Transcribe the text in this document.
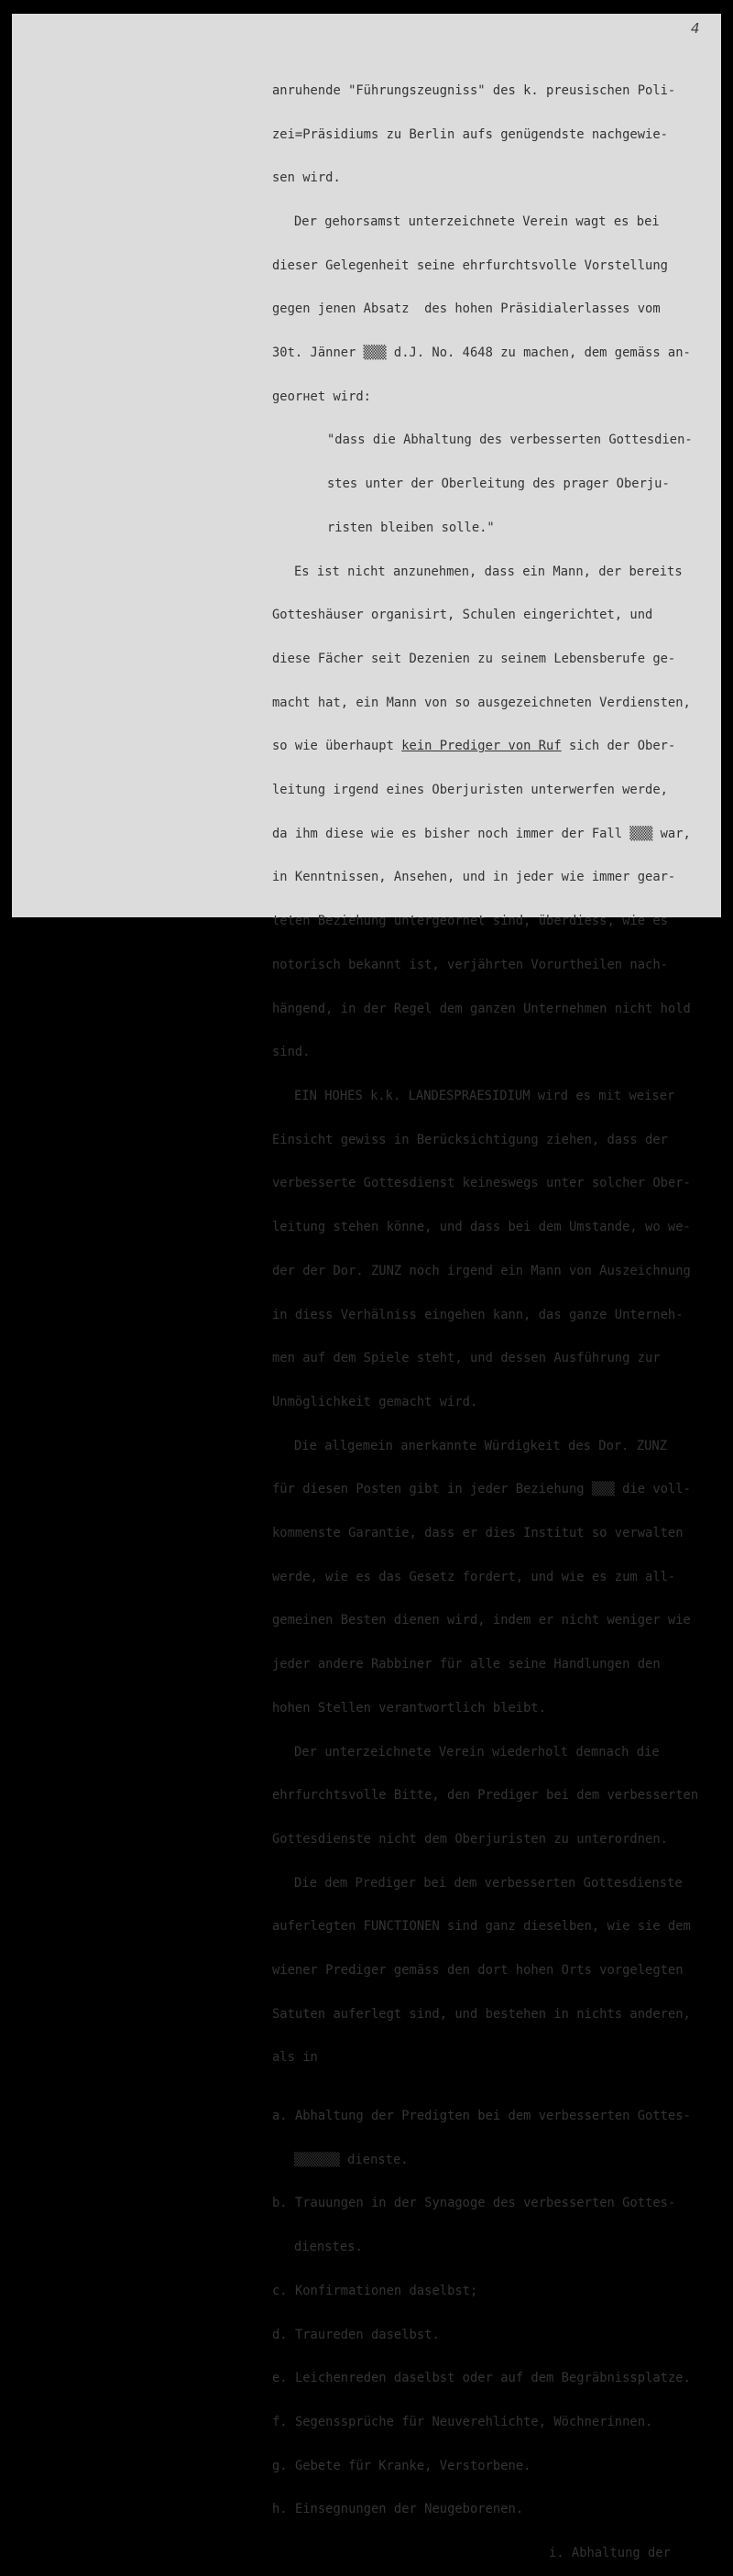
4

anruhende "Führungszeugniss" des k. preusischen Poli-

zei=Präsidiums zu Berlin aufs genügendste nachgewie-

sen wird.

Der gehorsamst unterzeichnete Verein wagt es bei

dieser Gelegenheit seine ehrfurchtsvolle Vorstellung

gegen jenen Absatz  des hohen Präsidialerlasses vom

30t. Jänner ▒▒▒ d.J. No. 4648 zu machen, dem gemäss an-

georнet wird:

"dass die Abhaltung des verbesserten Gottesdien-

stes unter der Oberleitung des prager Oberju-

risten bleiben solle."

Es ist nicht anzunehmen, dass ein Mann, der bereits

Gotteshäuser organisirt, Schulen eingerichtet, und

diese Fächer seit Dezenien zu seinem Lebensberufe ge-

macht hat, ein Mann von so ausgezeichneten Verdiensten,

so wie überhaupt kein Prediger von Ruf sich der Ober-

leitung irgend eines Oberjuristen unterwerfen werde,

da ihm diese wie es bisher noch immer der Fall ▒▒▒ war,

in Kenntnissen, Ansehen, und in jeder wie immer gear-

teten Beziehung untergeornet sind, überdiess, wie es

notorisch bekannt ist, verjährten Vorurtheilen nach-

hängend, in der Regel dem ganzen Unternehmen nicht hold

sind.

EIN HOHES k.k. LANDESPRAESIDIUM wird es mit weiser

Einsicht gewiss in Berücksichtigung ziehen, dass der

verbesserte Gottesdienst keineswegs unter solcher Ober-

leitung stehen könne, und dass bei dem Umstande, wo we-

der der Dor. ZUNZ noch irgend ein Mann von Auszeichnung

in diess Verhälniss eingehen kann, das ganze Unterneh-

men auf dem Spiele steht, und dessen Ausführung zur

Unmöglichkeit gemacht wird.

Die allgemein anerkannte Würdigkeit des Dor. ZUNZ

für diesen Posten gibt in jeder Beziehung ▒▒▒ die voll-

kommenste Garantie, dass er dies Institut so verwalten

werde, wie es das Gesetz fordert, und wie es zum all-

gemeinen Besten dienen wird, indem er nicht weniger wie

jeder andere Rabbiner für alle seine Handlungen den

hohen Stellen verantwortlich bleibt.

Der unterzeichnete Verein wiederholt demnach die

ehrfurchtsvolle Bitte, den Prediger bei dem verbesserten

Gottesdienste nicht dem Oberjuristen zu unterordnen.

Die dem Prediger bei dem verbesserten Gottesdienste

auferlegten FUNCTIONEN sind ganz dieselben, wie sie dem

wiener Prediger gemäss den dort hohen Orts vorgelegten

Satuten auferlegt sind, und bestehen in nichts anderen,

als in

a. Abhaltung der Predigten bei dem verbesserten Gottes-

▒▒▒▒▒▒ dienste.

b. Trauungen in der Synagoge des verbesserten Gottes-

dienstes.

c. Konfirmationen daselbst;

d. Traureden daselbst.

e. Leichenreden daselbst oder auf dem Begräbnissplatze.

f. Segenssprüche für Neuverehlichte, Wöchnerinnen.

g. Gebete für Kranke, Verstorbene.

h. Einsegnungen der Neugeborenen.

i. Abhaltung der
